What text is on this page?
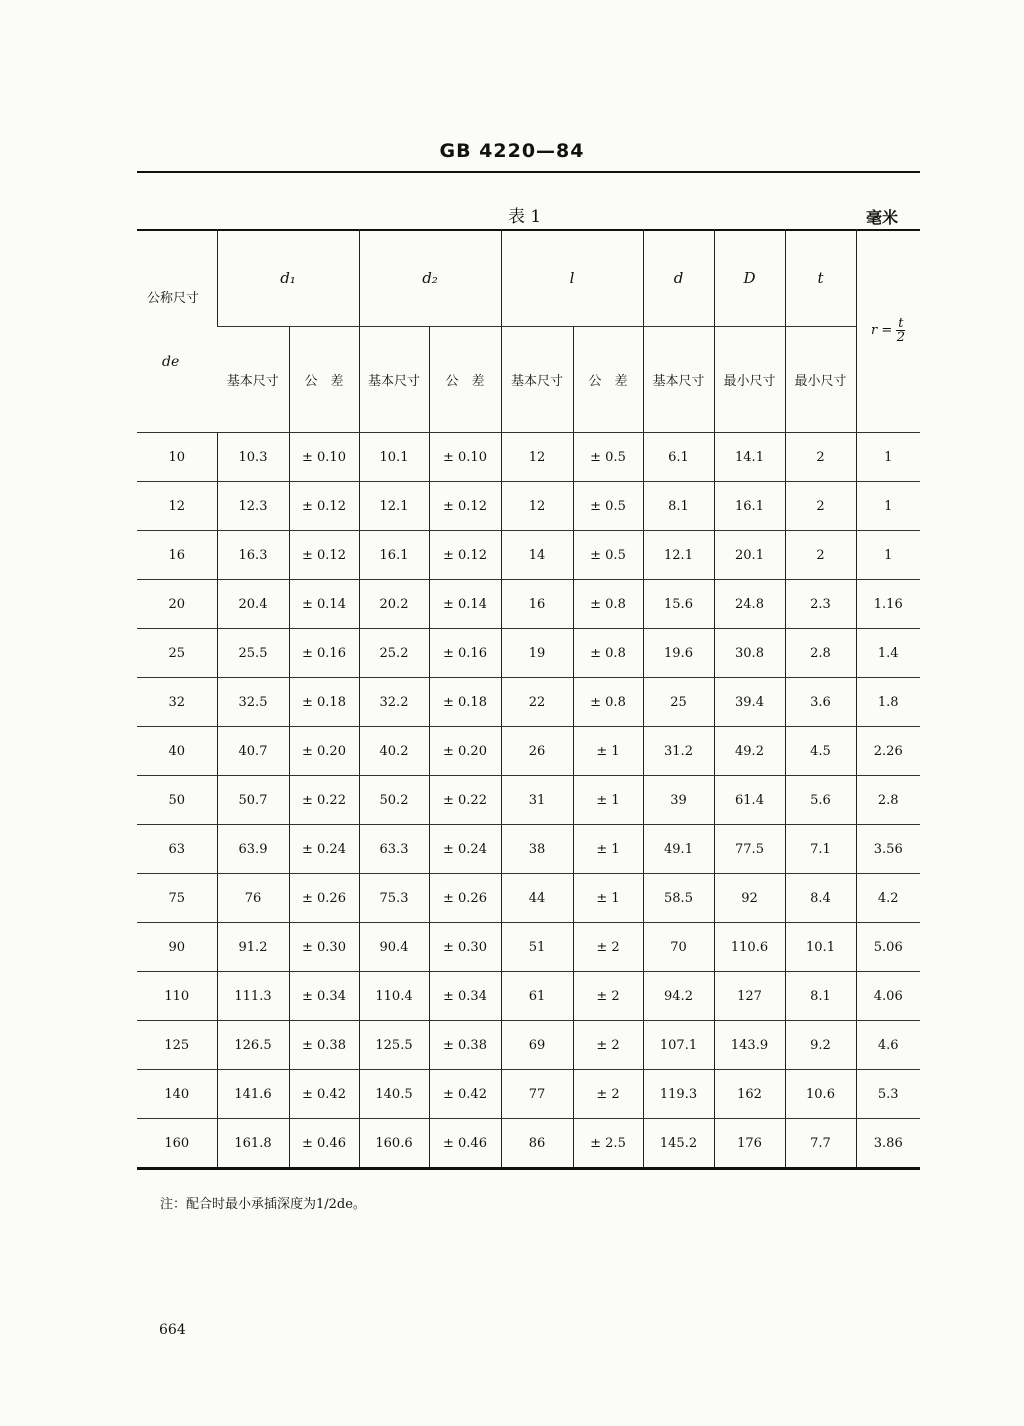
GB 4220—84
表 1	毫米
公称尺寸
de	d₁		d₂		l		d	D	t	$r = \frac{t}{2}$

	基本尺寸	公　差	基本尺寸	公　差	基本尺寸	公　差	基本尺寸	最小尺寸	最小尺寸	
10	10.3	± 0.10	10.1	± 0.10	12	± 0.5	6.1	14.1	2	1
12	12.3	± 0.12	12.1	± 0.12	12	± 0.5	8.1	16.1	2	1
16	16.3	± 0.12	16.1	± 0.12	14	± 0.5	12.1	20.1	2	1
20	20.4	± 0.14	20.2	± 0.14	16	± 0.8	15.6	24.8	2.3	1.16
25	25.5	± 0.16	25.2	± 0.16	19	± 0.8	19.6	30.8	2.8	1.4
32	32.5	± 0.18	32.2	± 0.18	22	± 0.8	25	39.4	3.6	1.8
40	40.7	± 0.20	40.2	± 0.20	26	± 1	31.2	49.2	4.5	2.26
50	50.7	± 0.22	50.2	± 0.22	31	± 1	39	61.4	5.6	2.8
63	63.9	± 0.24	63.3	± 0.24	38	± 1	49.1	77.5	7.1	3.56
75	76	± 0.26	75.3	± 0.26	44	± 1	58.5	92	8.4	4.2
90	91.2	± 0.30	90.4	± 0.30	51	± 2	70	110.6	10.1	5.06
110	111.3	± 0.34	110.4	± 0.34	61	± 2	94.2	127	8.1	4.06
125	126.5	± 0.38	125.5	± 0.38	69	± 2	107.1	143.9	9.2	4.6
140	141.6	± 0.42	140.5	± 0.42	77	± 2	119.3	162	10.6	5.3
160	161.8	± 0.46	160.6	± 0.46	86	± 2.5	145.2	176	7.7	3.86
注：配合时最小承插深度为1/2de。
664
